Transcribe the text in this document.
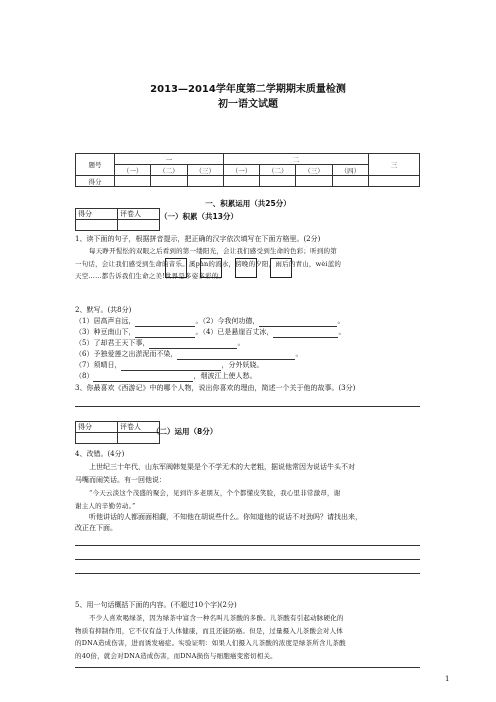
2013—2014学年度第二学期期末质量检测
初一语文试题
题号	一			二				三
	（一）	（二）	（三）	（一）	（二）	（三）	（四）	
得分								
一、积累运用（共25分）
得分	评卷人
		（一）积累（共13分）
1、读下面的句子，根据拼音提示，把正确的汉字依次填写在下面方格里。(2分)
每天睁开惺忪的双眼之后看到的第一缕阳光，会让我们感受到生命的色彩；听到的第
一句话，会让我们感受到生命的音乐。溪pàn的流水，傍晚的夕阳，雨后的青山，wèi蓝的
天空……都告诉我们生命之美!世界是多姿多彩的。
2、默写。(共8分)
（1）居高声自远，	。（2）今我何功德，	。
（3）种豆南山下，	。（4）已是悬崖百丈冰，	。
（5）了却君王天下事，	。
（6）予独爱莲之出淤泥而不染，	。
（7）须晴日，	，分外妖娆。
（8）	，烟波江上使人愁。
3、你最喜欢《西游记》中的哪个人物，说出你喜欢的理由，简述一个关于他的故事。(3分)
得分	评卷人
	（二）运用（8分）
4、改错。(4分)
上世纪三十年代，山东军阀韩复渠是个不学无术的大老粗，据说他常因为说话牛头不对
马嘴而闹笑话。有一回他说：
“今天云淡这个茂盛的聚会，见到许多老朋友，个个都懂皮笑脸，我心里非常激昂，谢
谢主人的辛勤劳动。”
听他讲话的人都面面相觑，不知他在胡说些什么。你知道他的说话不对劲吗？请找出来，
改正在下面。
5、用一句话概括下面的内容。(不超过10个字)(2分)
不少人喜欢喝绿茶，因为绿茶中富含一种名叫儿茶酸的多酚。儿茶酸有引起动脉硬化的
物质有抑制作用，它不仅有益于人体健康，而且还能防癌。但是，过量摄入儿茶酸会对人体
的DNA造成伤害，进而诱发癌症。实验证明：如果人们摄入儿茶酸的浓度是绿茶所含儿茶酸
的40倍，就会对DNA造成伤害，而DNA损伤与细胞癌变密切相关。
1
